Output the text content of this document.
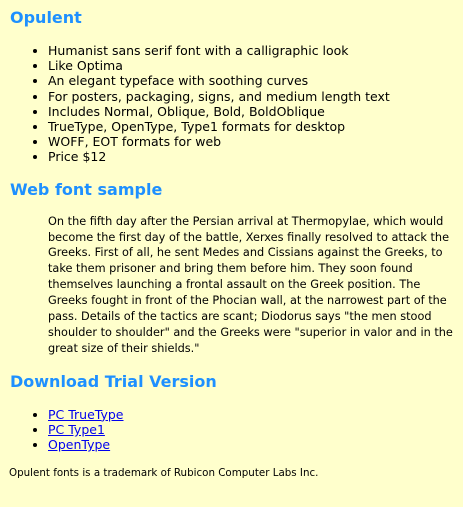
Opulent
• Humanist sans serif font with a calligraphic look
• Like Optima
• An elegant typeface with soothing curves
• For posters, packaging, signs, and medium length text
• Includes Normal, Oblique, Bold, BoldOblique
• TrueType, OpenType, Type1 formats for desktop
• WOFF, EOT formats for web
• Price $12
Web font sample

On the fifth day after the Persian arrival at Thermopylae, which would become the first day of the battle, Xerxes finally resolved to attack the Greeks. First of all, he sent Medes and Cissians against the Greeks, to take them prisoner and bring them before him. They soon found themselves launching a frontal assault on the Greek position. The Greeks fought in front of the Phocian wall, at the narrowest part of the pass. Details of the tactics are scant; Diodorus says "the men stood shoulder to shoulder" and the Greeks were "superior in valor and in the great size of their shields."

Download Trial Version
• PC TrueType
• PC Type1
• OpenType
Opulent fonts is a trademark of Rubicon Computer Labs Inc.
